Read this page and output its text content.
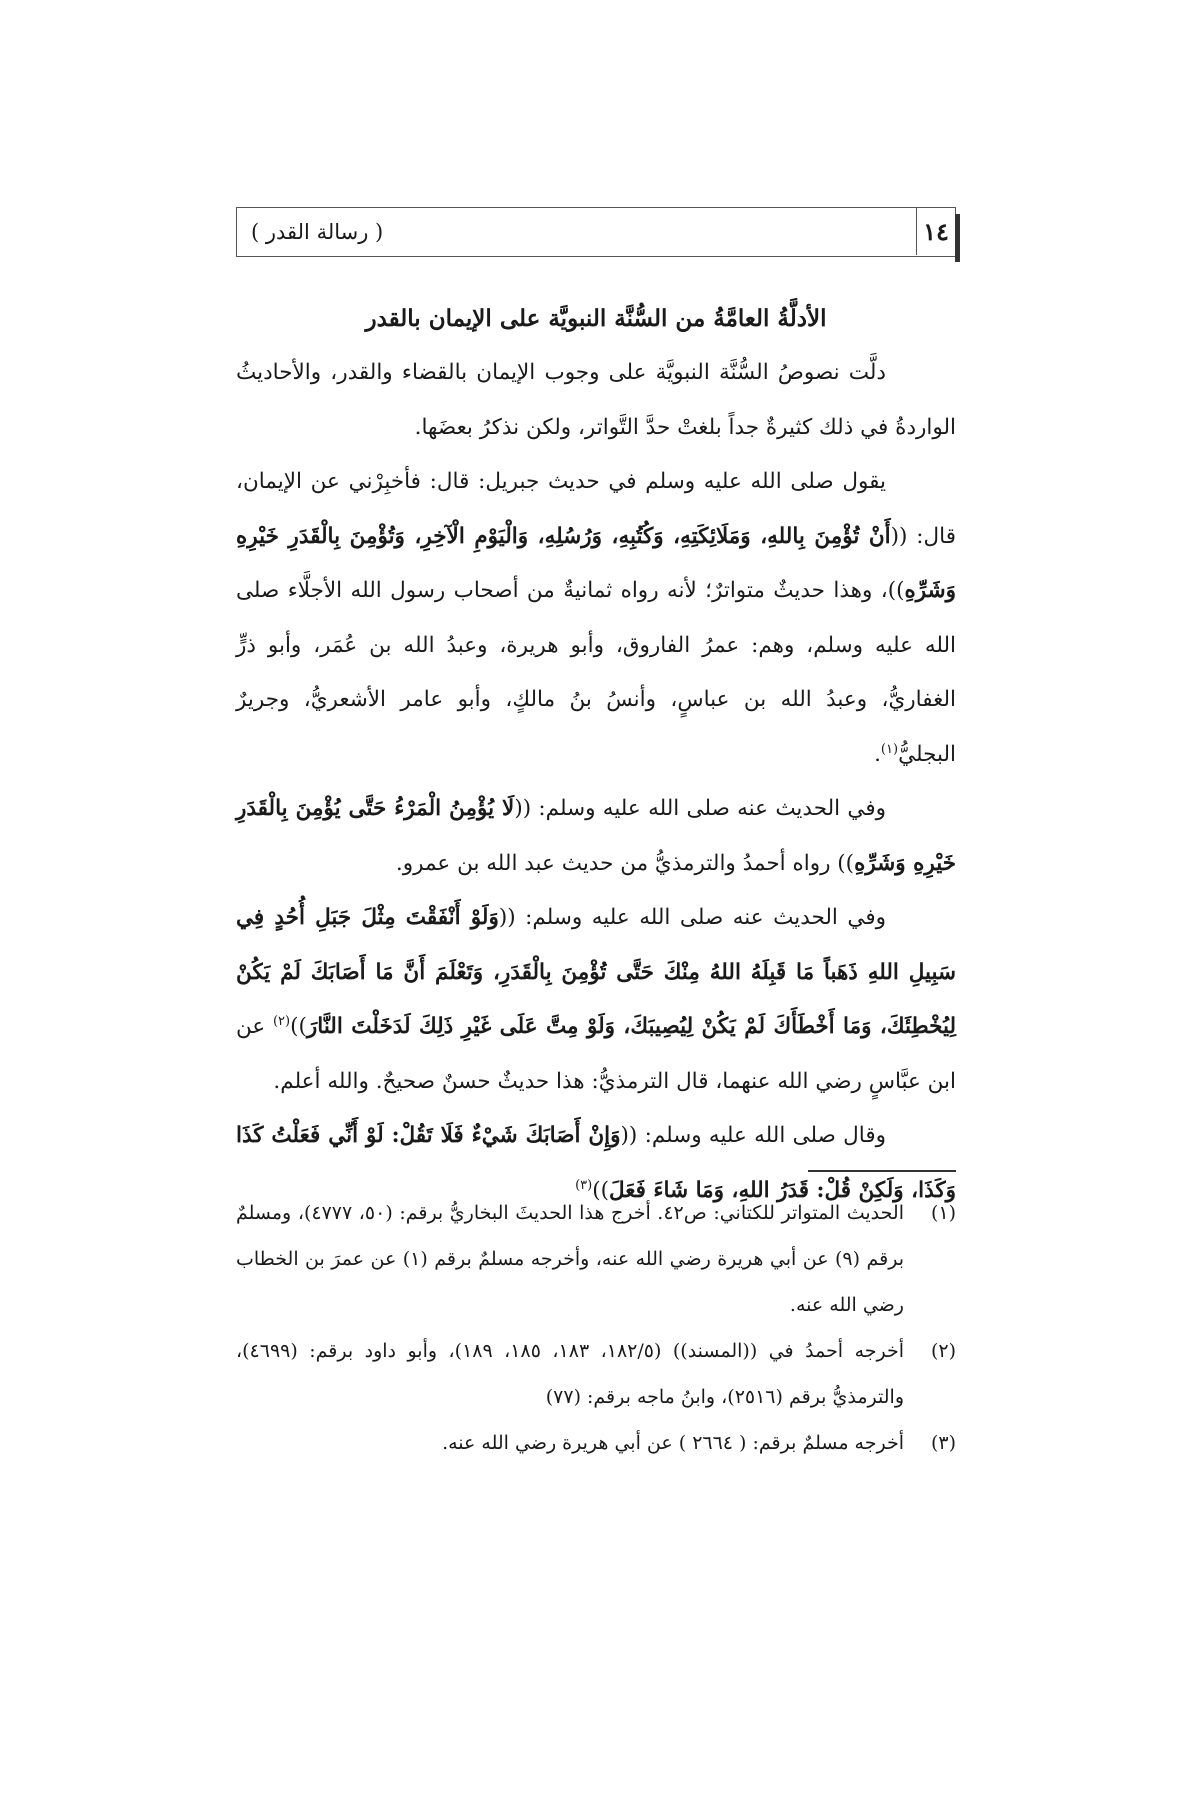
١٤
( رسالة القدر )
الأدلَّةُ العامَّةُ من السُّنَّة النبويَّة على الإيمان بالقدر

دلَّت نصوصُ السُّنَّة النبويَّة على وجوب الإيمان بالقضاء والقدر، والأحاديثُ الواردةُ في ذلك كثيرةٌ جداً بلغتْ حدَّ التَّواتر، ولكن نذكرُ بعضَها.

يقول صلى الله عليه وسلم في حديث جبريل: قال: فأخبِرْني عن الإيمان، قال: ((أَنْ تُؤْمِنَ بِاللهِ، وَمَلَائِكَتِهِ، وَكُتُبِهِ، وَرُسُلِهِ، وَالْيَوْمِ الْآخِرِ، وَتُؤْمِنَ بِالْقَدَرِ خَيْرِهِ وَشَرِّهِ))، وهذا حديثٌ متواترٌ؛ لأنه رواه ثمانيةٌ من أصحاب رسول الله الأجلَّاء صلى الله عليه وسلم، وهم: عمرُ الفاروق، وأبو هريرة، وعبدُ الله بن عُمَر، وأبو ذرٍّ الغفاريُّ، وعبدُ الله بن عباسٍ، وأنسُ بنُ مالكٍ، وأبو عامر الأشعريُّ، وجريرٌ البجليُّ$^{(١)}$.

وفي الحديث عنه صلى الله عليه وسلم: ((لَا يُؤْمِنُ الْمَرْءُ حَتَّى يُؤْمِنَ بِالْقَدَرِ خَيْرِهِ وَشَرِّهِ)) رواه أحمدُ والترمذيُّ من حديث عبد الله بن عمرو.

وفي الحديث عنه صلى الله عليه وسلم: ((وَلَوْ أَنْفَقْتَ مِثْلَ جَبَلِ أُحُدٍ فِي سَبِيلِ اللهِ ذَهَباً مَا قَبِلَهُ اللهُ مِنْكَ حَتَّى تُؤْمِنَ بِالْقَدَرِ، وَتَعْلَمَ أَنَّ مَا أَصَابَكَ لَمْ يَكُنْ لِيُخْطِئَكَ، وَمَا أَخْطَأَكَ لَمْ يَكُنْ لِيُصِيبَكَ، وَلَوْ مِتَّ عَلَى غَيْرِ ذَلِكَ لَدَخَلْتَ النَّارَ))$^{(٢)}$ عن ابن عبَّاسٍ رضي الله عنهما، قال الترمذيُّ: هذا حديثٌ حسنٌ صحيحٌ. والله أعلم.

وقال صلى الله عليه وسلم: ((وَإِنْ أَصَابَكَ شَيْءٌ فَلَا تَقُلْ: لَوْ أَنِّي فَعَلْتُ كَذَا وَكَذَا، وَلَكِنْ قُلْ: قَدَرُ اللهِ، وَمَا شَاءَ فَعَلَ))$^{(٣)}$

(١)
الحديث المتواتر للكتاني: ص٤٢. أخرج هذا الحديثَ البخاريُّ برقم: (٥٠، ٤٧٧٧)، ومسلمٌ برقم (٩) عن أبي هريرة رضي الله عنه، وأخرجه مسلمٌ برقم (١) عن عمرَ بن الخطاب رضي الله عنه.
(٢)
أخرجه أحمدُ في ((المسند)) (١٨٢/٥، ١٨٣، ١٨٥، ١٨٩)، وأبو داود برقم: (٤٦٩٩)، والترمذيُّ برقم (٢٥١٦)، وابنُ ماجه برقم: (٧٧)
(٣)
أخرجه مسلمٌ برقم: ( ٢٦٦٤ ) عن أبي هريرة رضي الله عنه.
